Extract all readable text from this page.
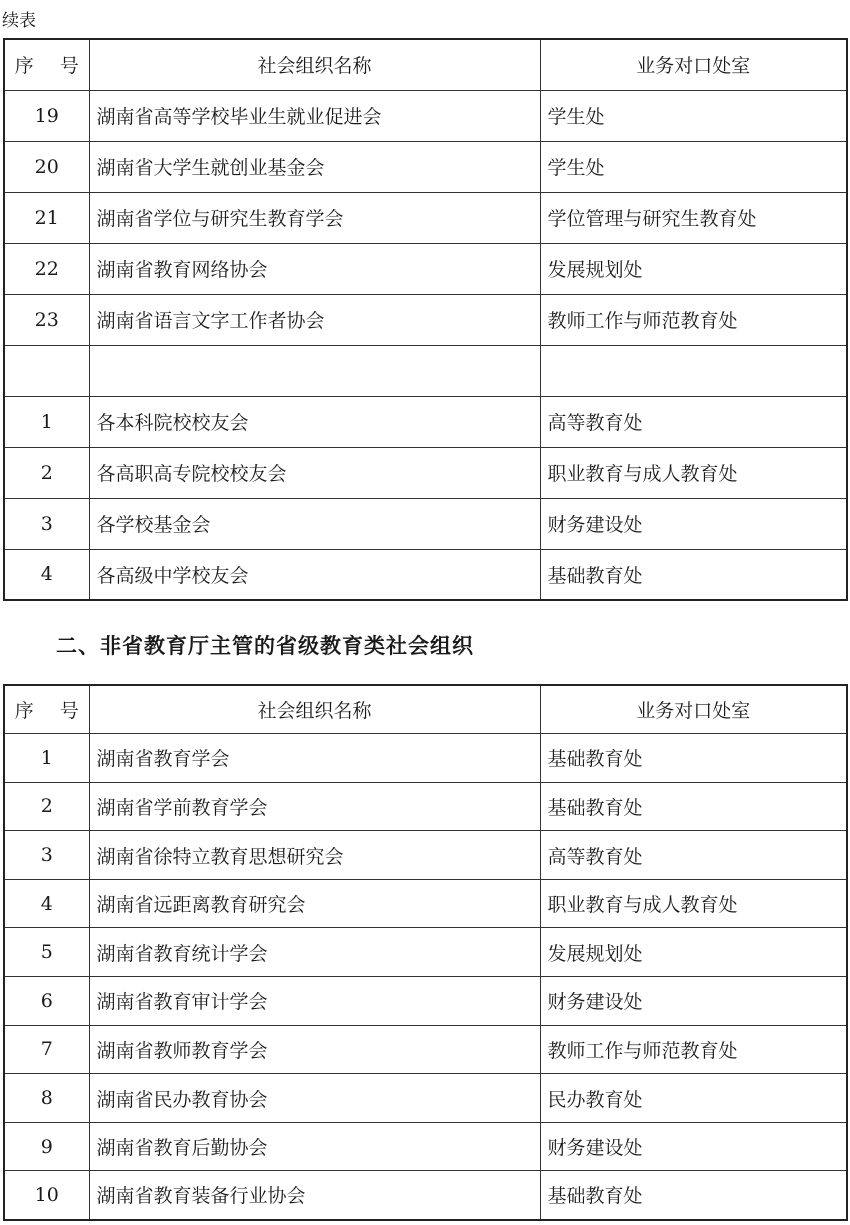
续表
序 号	社会组织名称	业务对口处室
19	湖南省高等学校毕业生就业促进会	学生处
20	湖南省大学生就创业基金会	学生处
21	湖南省学位与研究生教育学会	学位管理与研究生教育处
22	湖南省教育网络协会	发展规划处
23	湖南省语言文字工作者协会	教师工作与师范教育处

1	各本科院校校友会	高等教育处
2	各高职高专院校校友会	职业教育与成人教育处
3	各学校基金会	财务建设处
4	各高级中学校友会	基础教育处
二、非省教育厅主管的省级教育类社会组织
序 号	社会组织名称	业务对口处室
1	湖南省教育学会	基础教育处
2	湖南省学前教育学会	基础教育处
3	湖南省徐特立教育思想研究会	高等教育处
4	湖南省远距离教育研究会	职业教育与成人教育处
5	湖南省教育统计学会	发展规划处
6	湖南省教育审计学会	财务建设处
7	湖南省教师教育学会	教师工作与师范教育处
8	湖南省民办教育协会	民办教育处
9	湖南省教育后勤协会	财务建设处
10	湖南省教育装备行业协会	基础教育处
